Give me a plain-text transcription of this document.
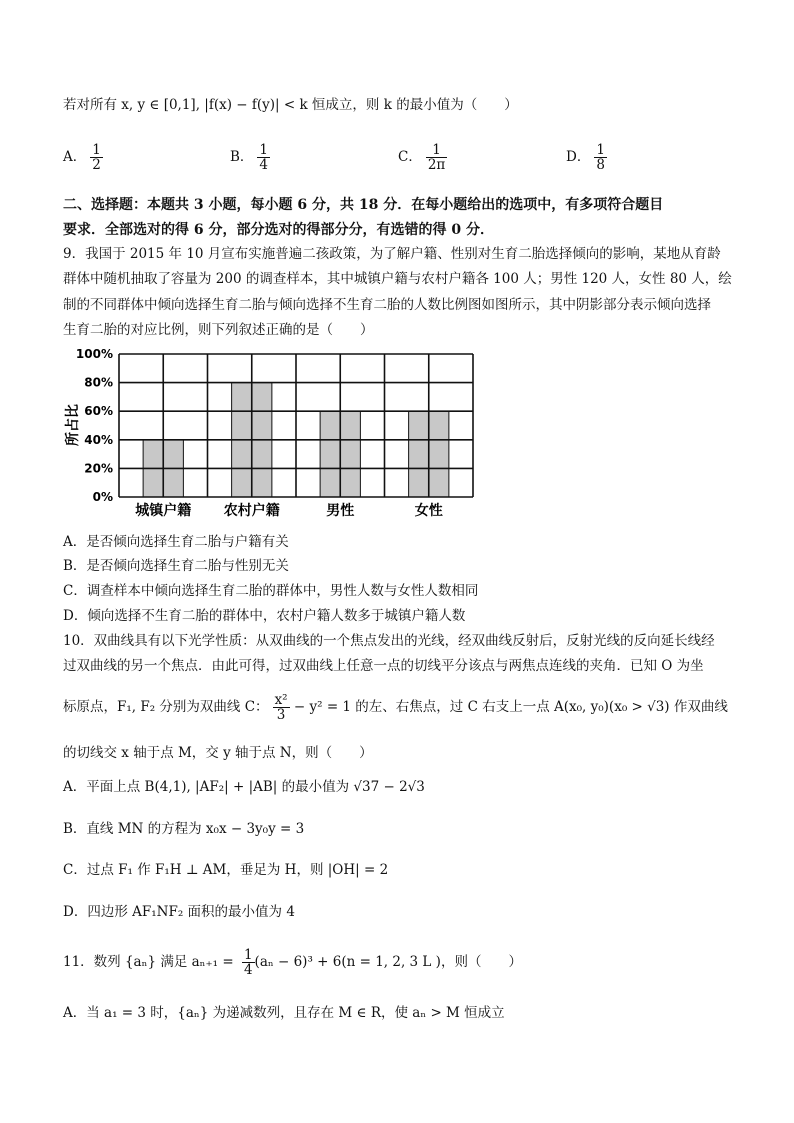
若对所有 x, y ∈ [0,1], |f(x) − f(y)| < k 恒成立，则 k 的最小值为（　　）
A． $\frac{1}{2}$	B． $\frac{1}{4}$	C． $\frac{1}{2\pi}$	D． $\frac{1}{8}$
二、选择题：本题共 3 小题，每小题 6 分，共 18 分．在每小题给出的选项中，有多项符合题目
要求．全部选对的得 6 分，部分选对的得部分分，有选错的得 0 分．
9．我国于 2015 年 10 月宣布实施普遍二孩政策，为了解户籍、性别对生育二胎选择倾向的影响，某地从育龄
群体中随机抽取了容量为 200 的调查样本，其中城镇户籍与农村户籍各 100 人；男性 120 人，女性 80 人，绘
制的不同群体中倾向选择生育二胎与倾向选择不生育二胎的人数比例图如图所示，其中阴影部分表示倾向选择
生育二胎的对应比例，则下列叙述正确的是（　　）
所占比
0%
20%
40%
60%
80%
100%
城镇户籍 农村户籍	男性	女性
A．是否倾向选择生育二胎与户籍有关
B．是否倾向选择生育二胎与性别无关
C．调查样本中倾向选择生育二胎的群体中，男性人数与女性人数相同
D．倾向选择不生育二胎的群体中，农村户籍人数多于城镇户籍人数
10．双曲线具有以下光学性质：从双曲线的一个焦点发出的光线，经双曲线反射后，反射光线的反向延长线经
过双曲线的另一个焦点．由此可得，过双曲线上任意一点的切线平分该点与两焦点连线的夹角．已知 O 为坐
标原点，F₁, F₂ 分别为双曲线 C： $\frac{\text{x²}}{3} - y^2 = 1$ 的左、右焦点，过 C 右支上一点 A(x₀, y₀)(x₀ > √3) 作双曲线
的切线交 x 轴于点 M，交 y 轴于点 N，则（　　）
A．平面上点 B(4,1), |AF₂| + |AB| 的最小值为 √37 − 2√3
B．直线 MN 的方程为 x₀x − 3y₀y = 3
C．过点 F₁ 作 F₁H ⊥ AM，垂足为 H，则 |OH| = 2
D．四边形 AF₁NF₂ 面积的最小值为 4
11．数列 {aₙ} 满足 $a_{n+1} = \frac{1}{4} (a_n - 6)^3 + 6(n = 1$, 2, 3 L )，则（　　）
A．当 a₁ = 3 时，{aₙ} 为递减数列，且存在 M ∈ R，使 aₙ > M 恒成立
